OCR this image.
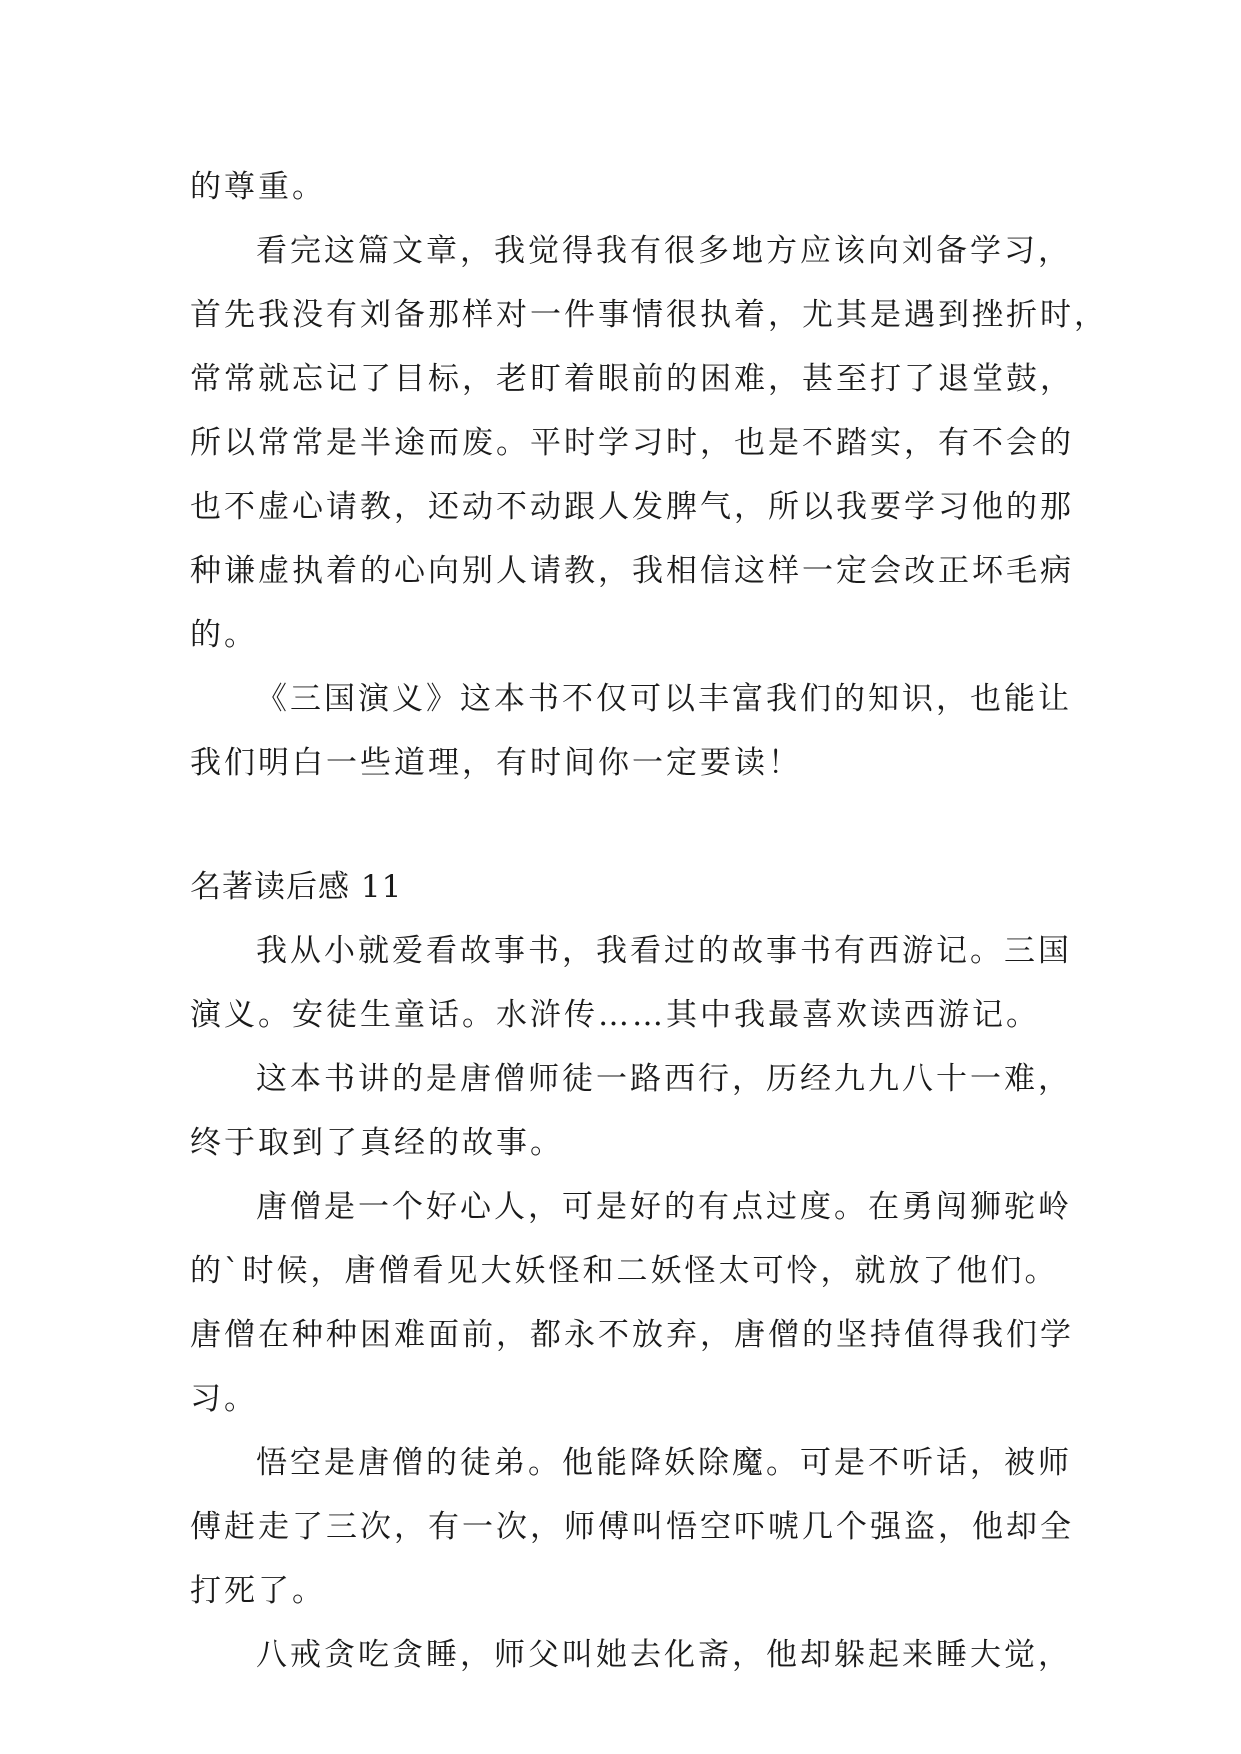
的尊重。
看完这篇文章，我觉得我有很多地方应该向刘备学习，
首先我没有刘备那样对一件事情很执着，尤其是遇到挫折时，
常常就忘记了目标，老盯着眼前的困难，甚至打了退堂鼓，
所以常常是半途而废。平时学习时，也是不踏实，有不会的
也不虚心请教，还动不动跟人发脾气，所以我要学习他的那
种谦虚执着的心向别人请教，我相信这样一定会改正坏毛病
的。
《三国演义》这本书不仅可以丰富我们的知识，也能让
我们明白一些道理，有时间你一定要读！
名著读后感 11
我从小就爱看故事书，我看过的故事书有西游记。三国
演义。安徒生童话。水浒传……其中我最喜欢读西游记。
这本书讲的是唐僧师徒一路西行，历经九九八十一难，
终于取到了真经的故事。
唐僧是一个好心人，可是好的有点过度。在勇闯狮驼岭
的`时候，唐僧看见大妖怪和二妖怪太可怜，就放了他们。
唐僧在种种困难面前，都永不放弃，唐僧的坚持值得我们学
习。
悟空是唐僧的徒弟。他能降妖除魔。可是不听话，被师
傅赶走了三次，有一次，师傅叫悟空吓唬几个强盗，他却全
打死了。
八戒贪吃贪睡，师父叫她去化斋，他却躲起来睡大觉，
